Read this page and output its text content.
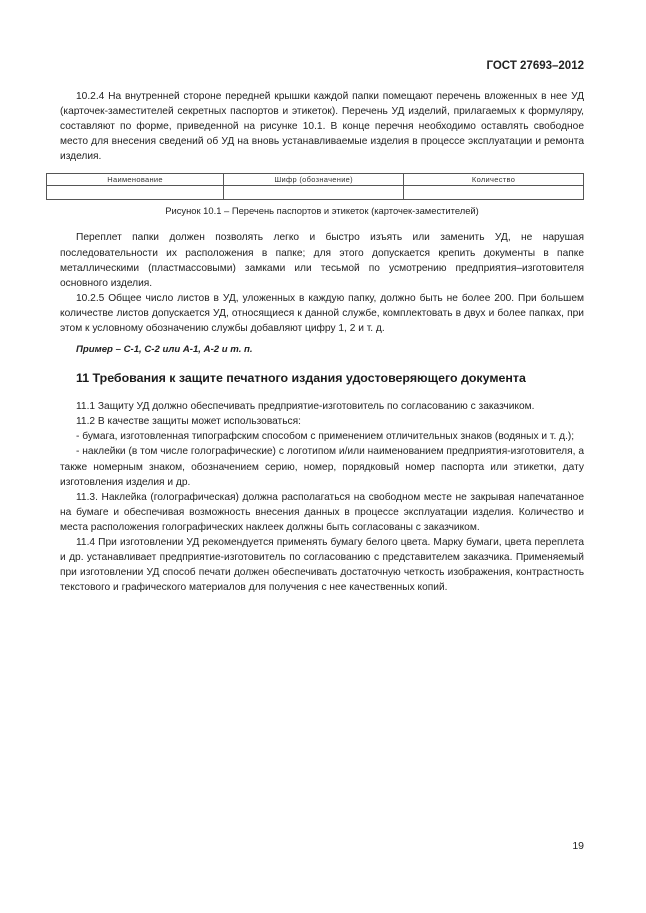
ГОСТ 27693–2012

10.2.4 На внутренней стороне передней крышки каждой папки помещают перечень вложенных в нее УД (карточек-заместителей секретных паспортов и этикеток). Перечень УД изделий, прилагаемых к формуляру, составляют по форме, приведенной на рисунке 10.1. В конце перечня необходимо оставлять свободное место для внесения сведений об УД на вновь устанавливаемые изделия в процессе эксплуатации и ремонта изделия.

Наименование	Шифр (обозначение)	Количество

Рисунок 10.1 – Перечень паспортов и этикеток (карточек-заместителей)

Переплет папки должен позволять легко и быстро изъять или заменить УД, не нарушая последовательности их расположения в папке; для этого допускается крепить документы в папке металлическими (пластмассовыми) замками или тесьмой по усмотрению предприятия–изготовителя основного изделия.

10.2.5 Общее число листов в УД, уложенных в каждую папку, должно быть не более 200. При большем количестве листов допускается УД, относящиеся к данной службе, комплектовать в двух и более папках, при этом к условному обозначению службы добавляют цифру 1, 2 и т. д.

Пример – С-1, С-2 или А-1, А-2 и т. п.

11 Требования к защите печатного издания удостоверяющего документа

11.1 Защиту УД должно обеспечивать предприятие-изготовитель по согласованию с заказчиком.

11.2 В качестве защиты может использоваться:

- бумага, изготовленная типографским способом с применением отличительных знаков (водяных и т. д.);

- наклейки (в том числе голографические) с логотипом и/или наименованием предприятия-изготовителя, а также номерным знаком, обозначением серию, номер, порядковый номер паспорта или этикетки, дату изготовления изделия и др.

11.3. Наклейка (голографическая) должна располагаться на свободном месте не закрывая напечатанное на бумаге и обеспечивая возможность внесения данных в процессе эксплуатации изделия. Количество и места расположения голографических наклеек должны быть согласованы с заказчиком.

11.4 При изготовлении УД рекомендуется применять бумагу белого цвета. Марку бумаги, цвета переплета и др. устанавливает предприятие-изготовитель по согласованию с представителем заказчика. Применяемый при изготовлении УД способ печати должен обеспечивать достаточную четкость изображения, контрастность текстового и графического материалов для получения с нее качественных копий.

19
